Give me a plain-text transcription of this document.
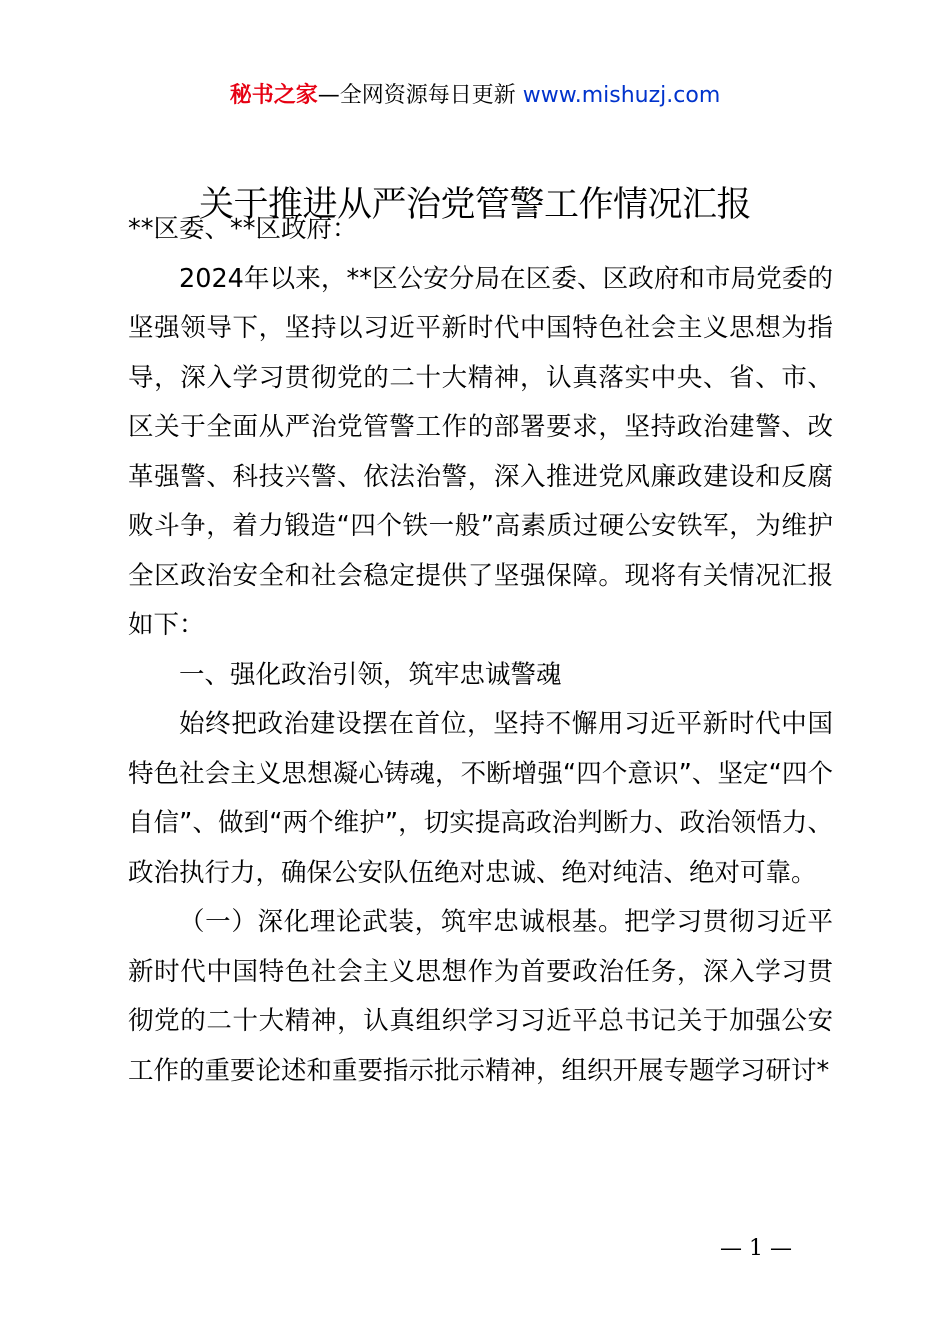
秘书之家—全网资源每日更新 www.mishuzj.com
关于推进从严治党管警工作情况汇报

**区委、**区政府：

2024年以来，**区公安分局在区委、区政府和市局党委的坚强领导下，坚持以习近平新时代中国特色社会主义思想为指导，深入学习贯彻党的二十大精神，认真落实中央、省、市、区关于全面从严治党管警工作的部署要求，坚持政治建警、改革强警、科技兴警、依法治警，深入推进党风廉政建设和反腐败斗争，着力锻造“四个铁一般”高素质过硬公安铁军，为维护全区政治安全和社会稳定提供了坚强保障。现将有关情况汇报如下：

一、强化政治引领，筑牢忠诚警魂

始终把政治建设摆在首位，坚持不懈用习近平新时代中国特色社会主义思想凝心铸魂，不断增强“四个意识”、坚定“四个自信”、做到“两个维护”，切实提高政治判断力、政治领悟力、政治执行力，确保公安队伍绝对忠诚、绝对纯洁、绝对可靠。

（一）深化理论武装，筑牢忠诚根基。把学习贯彻习近平新时代中国特色社会主义思想作为首要政治任务，深入学习贯彻党的二十大精神，认真组织学习习近平总书记关于加强公安工作的重要论述和重要指示批示精神，组织开展专题学习研讨*

— 1 —
